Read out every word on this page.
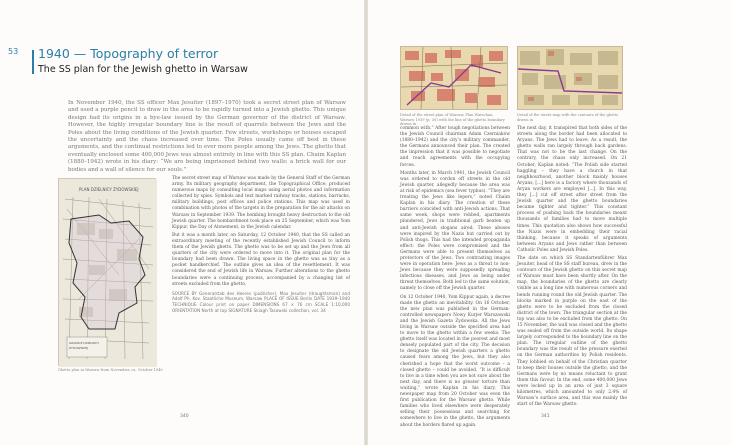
53 1940 — Topography of terror
The SS plan for the Jewish ghetto in Warsaw
In November 1940, the SS officer Max Jesuiter (1897–1970) took a secret street plan of Warsaw and used a purple pencil to draw in the area to be rapidly turned into a Jewish ghetto. This unique design had its origins in a bye-law issued by the German governor of the district of Warsaw. However, the highly irregular boundary line is the result of quarrels between the Jews and the Poles about the living conditions of the Jewish quarter. Few streets, workshops or houses escaped the uncertainty and the chaos increased over time. The Poles usually came off best in these arguments, and the continual restrictions led to ever more people among the Jews. The ghetto that eventually enclosed some 400,000 Jews was almost entirely in line with this SS plan. Chaim Kaplan (1880–1942) wrote in his diary: “We are being imprisoned behind two walls: a brick wall for our bodies and a wall of silence for our souls.”
PLAN DZIELNICY ŻYDOWSKIEJ
GRANICE DZIELNICY
ŻYDOWSKIEJ
Ghetto plan in Warsaw from November, ca. October 1940

The secret street map of Warsaw was made by the General Staff of the German army. Its military geography department, the Topographical Office, produced numerous maps by consulting local maps using aerial photos and information collected by spies. Symbols and text marked railway tracks, stations, barracks, military buildings, post offices and police stations. This map was used in combination with photos of the targets in the preparation for the air attacks on Warsaw in September 1939. The bombing brought heavy destruction to the old Jewish quarter. The bombardment took place on 25 September, which was Yom Kippur, the Day of Atonement, in the Jewish calendar.

But it was a month later, on Saturday, 12 October 1940, that the SS called an extraordinary meeting of the recently established Jewish Council to inform them of the Jewish ghetto. The ghetto was to be set up and the Jews from all quarters of the city were ordered to move into it. The original plan for the boundary had been drawn. The living space in the ghetto was as tiny as a pocket handkerchief. The outline gives an idea of the resettlement. It was considered the end of Jewish life in Warsaw. Further alterations to the ghetto boundaries were a continuing process, accompanied by a changing list of streets excluded from the ghetto.

SOURCE BY Generalstab des Heeres (publisher), Max Jesuiter (draughtsman) and Adolf Ph. Kov. Staatliche Museum, Warsaw PLACE OF ISSUE Berlin DATE 1939–1940 TECHNIQUE Colour print on paper DIMENSIONS 67 × 76 cm SCALE 1:10,000 ORIENTATION North at top SIGNATURE Skiagh Tasowski collection, vol. 34
Detail of the street plan of Warsaw, Plan Warschau, Warsaw 1939 (p. 30) with the line of the ghetto boundary drawn in
Detail of the street map with the contours of the ghetto drawn in

common with.” After tough negotiations between the Jewish Council chairman Adam Czerniaków (1880–1942) and the city’s military commander, the Germans announced their plan. The created the impression that it was possible to negotiate and reach agreements with the occupying forces.

Months later, in March 1941, the Jewish Council was ordered to cordon off streets in the old Jewish quarter, allegedly because the area was at risk of epidemics (sea fever typhus). “They are treating the Jews like lepers,” noted Chaim Kaplan in his diary. The creation of these barriers coincided with anti-Jewish actions. That same week, shops were robbed, apartments plundered, Jews in traditional garb beaten up and anti-Jewish slogans aired. These abuses were inspired by the Nazis but carried out by Polish thugs. This had the intended propaganda effect: the Poles were compromised and the Germans were able to present themselves as protectors of the Jews. Two contrasting images were in operation here: Jews as a threat to non-Jews because they were supposedly spreading infectious diseases, and Jews as being under threat themselves. Both led to the same solution, namely to close off the Jewish quarter.

On 12 October 1940, Yom Kippur again, a decree made the ghetto an inevitability. On 16 October, the new plan was published in the German-controlled newspapers Nowy Kurjer Warszawski and the Jewish Gazeta Żydowska. All the Jews living in Warsaw outside the specified area had to move to the ghetto within a few weeks. The ghetto itself was located in the poorest and most densely populated part of the city. The decision to designate the old Jewish quarters a ghetto caused fears among the Jews, but they also cherished a hope that the worst outcome – a closed ghetto – could be avoided. “It is difficult to live in a time when you are not sure about the next day, and there is no greater torture than waiting,” wrote Kaplan in his diary. This newspaper map from 20 October was even the first publication for the Warsaw ghetto. While families who lived elsewhere were desperately selling their possessions and searching for somewhere to live in the ghetto, the arguments about the borders flared up again.

The next day, it transpired that both sides of the streets along the border had been allocated to Aryans. The Jews had to leave. As a result, the ghetto walls ran largely through back gardens. That was not to be the last change. On the contrary, the chaos only increased. On 21 October, Kaplan noted: “The Polish side started haggling – they have a church in that neighbourhood, another block mainly houses Aryans, [...] here is a factory where thousands of Aryan workers are employed [...]. In this way, they [...] cut off street after street from the Jewish quarter and the ghetto boundaries became tighter and tighter.” This constant process of pushing back the boundaries meant thousands of families had to move multiple times. This quotation also shows how successful the Nazis were in embedding their racial thinking, because it speaks of arguments between Aryans and Jews rather than between Catholic Poles and Jewish Poles.

The date on which SS Standartenführer Max Jesuiter, head of the SS staff bureau, drew in the contours of the Jewish ghetto on this secret map of Warsaw must have been shortly after. On the map, the boundaries of the ghetto are clearly visible as a long line with numerous corners and bends running round the old Jewish quarter. The blocks marked in purple on the east of the ghetto were to be excluded from the closed district of the town. The triangular section at the top was also to be excluded from the ghetto. On 15 November, the wall was closed and the ghetto was sealed off from the outside world. Its shape largely corresponded to the boundary line on the plan. The irregular outline of the ghetto boundary was the result of the pressure exerted on the German authorities by Polish residents. They lobbied on behalf of the Christian quarter to keep their houses outside the ghetto, and the Germans were by no means reluctant to grant them this favour. In the end, some 400,000 Jews were locked up in an area of just 3 square kilometres, which amounted to only 2.4% of Warsaw’s surface area, and this was mainly the start of the Warsaw ghetto.

340	341
